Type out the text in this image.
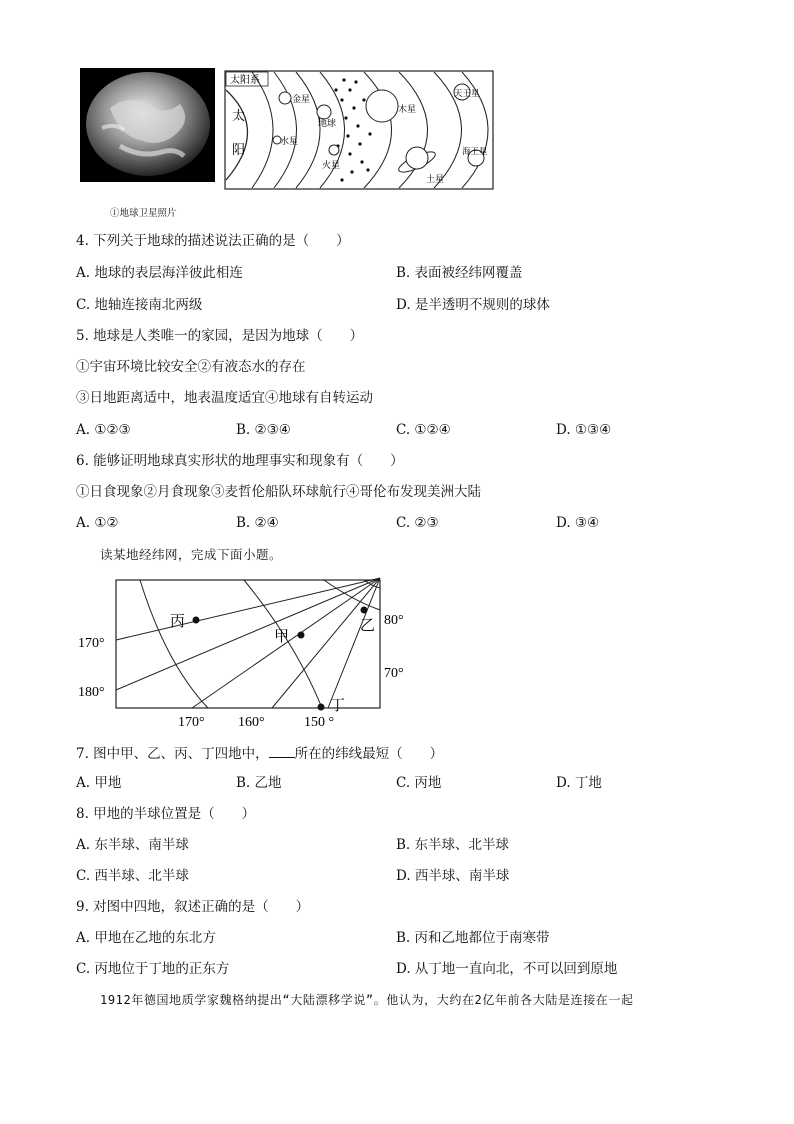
①地球卫星照片
太阳系
太
阳
金星
水星
地球
火星
木星
土星
天王星
海王星
4. 下列关于地球的描述说法正确的是（　　）
A. 地球的表层海洋彼此相连	B. 表面被经纬网覆盖
C. 地轴连接南北两级	D. 是半透明不规则的球体
5. 地球是人类唯一的家园，是因为地球（　　）
①宇宙环境比较安全②有液态水的存在
③日地距离适中，地表温度适宜④地球有自转运动
A. ①②③	B. ②③④	C. ①②④	D. ①③④
6. 能够证明地球真实形状的地理事实和现象有（　　）
①日食现象②月食现象③麦哲伦船队环球航行④哥伦布发现美洲大陆
A. ①②	B. ②④	C. ②③	D. ③④
读某地经纬网，完成下面小题。
丙
甲
乙
丁
170°
180°
80°
70°
170° 160°	150 °
7. 图中甲、乙、丙、丁四地中， 所在的纬线最短（　　）
A. 甲地	B. 乙地	C. 丙地	D. 丁地
8. 甲地的半球位置是（　　）
A. 东半球、南半球	B. 东半球、北半球
C. 西半球、北半球	D. 西半球、南半球
9. 对图中四地，叙述正确的是（　　）
A. 甲地在乙地的东北方	B. 丙和乙地都位于南寒带
C. 丙地位于丁地的正东方	D. 从丁地一直向北，不可以回到原地
1912年德国地质学家魏格纳提出“大陆漂移学说”。他认为，大约在2亿年前各大陆是连接在一起
